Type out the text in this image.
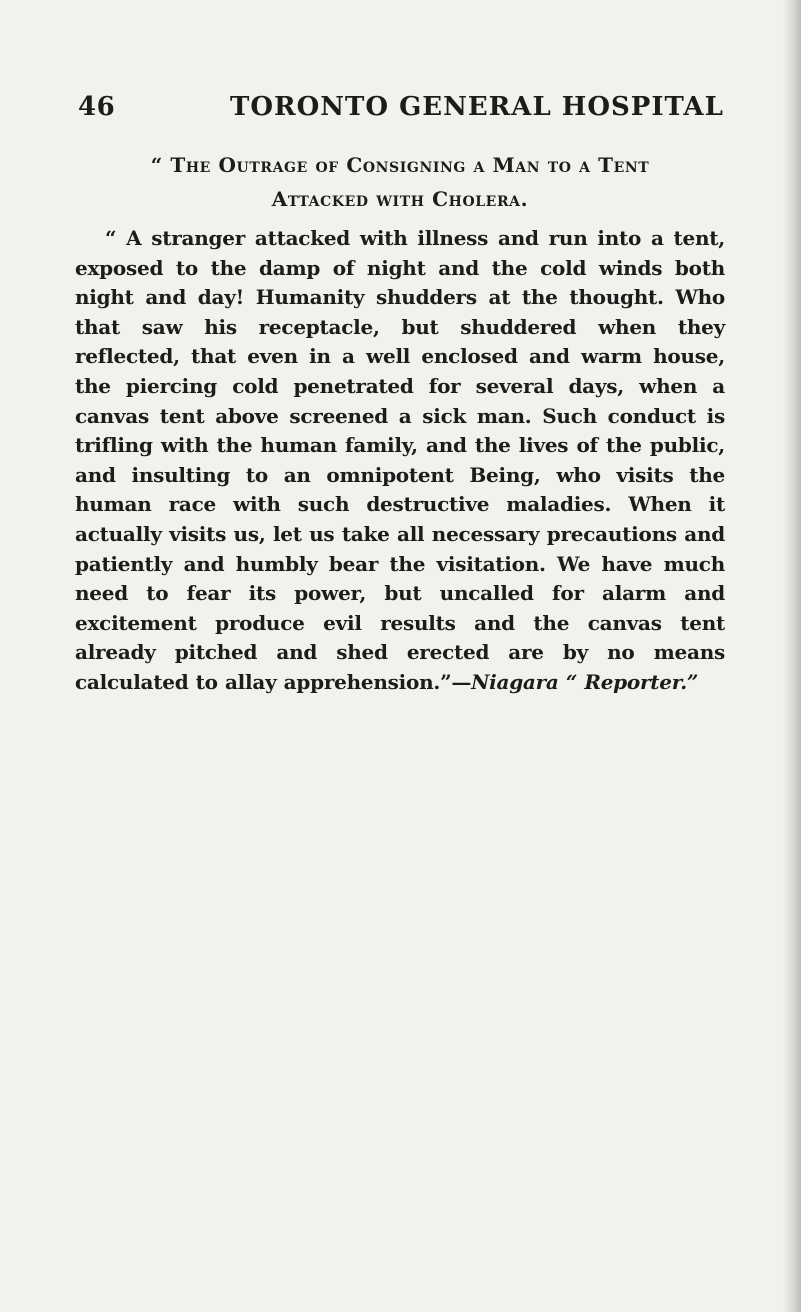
46	TORONTO GENERAL HOSPITAL
“ The Outrage of Consigning a Man to a Tent
Attacked with Cholera.

“ A stranger attacked with illness and run into a tent, exposed to the damp of night and the cold winds both night and day! Humanity shudders at the thought. Who that saw his receptacle, but shuddered when they reflected, that even in a well enclosed and warm house, the piercing cold penetrated for several days, when a canvas tent above screened a sick man. Such conduct is trifling with the human family, and the lives of the public, and insulting to an omnipotent Being, who visits the human race with such destructive maladies. When it actually visits us, let us take all necessary precautions and patiently and humbly bear the visitation. We have much need to fear its power, but uncalled for alarm and excitement produce evil results and the canvas tent already pitched and shed erected are by no means calculated to allay apprehension.”—Niagara “ Reporter.”
